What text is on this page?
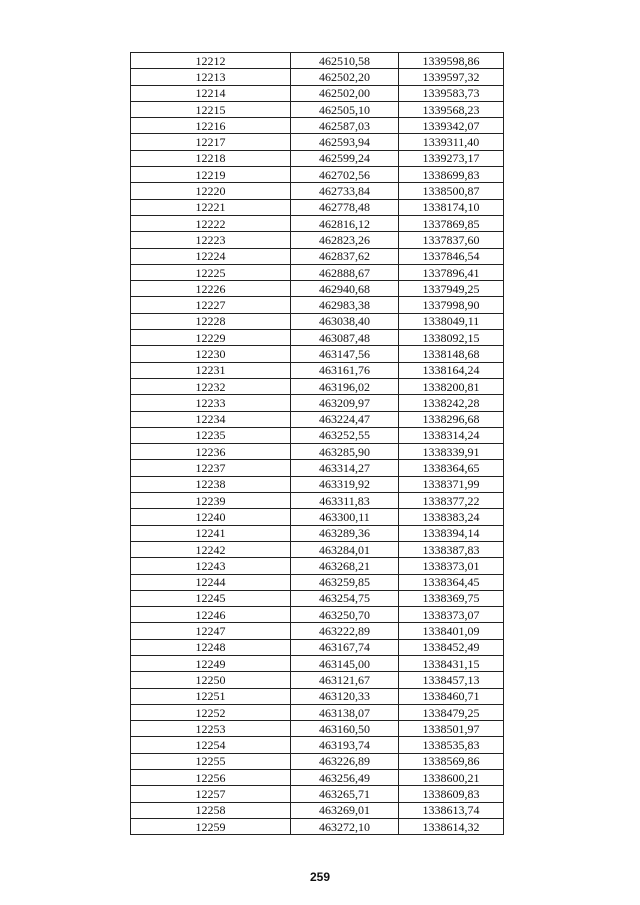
12212	462510,58	1339598,86
12213	462502,20	1339597,32
12214	462502,00	1339583,73
12215	462505,10	1339568,23
12216	462587,03	1339342,07
12217	462593,94	1339311,40
12218	462599,24	1339273,17
12219	462702,56	1338699,83
12220	462733,84	1338500,87
12221	462778,48	1338174,10
12222	462816,12	1337869,85
12223	462823,26	1337837,60
12224	462837,62	1337846,54
12225	462888,67	1337896,41
12226	462940,68	1337949,25
12227	462983,38	1337998,90
12228	463038,40	1338049,11
12229	463087,48	1338092,15
12230	463147,56	1338148,68
12231	463161,76	1338164,24
12232	463196,02	1338200,81
12233	463209,97	1338242,28
12234	463224,47	1338296,68
12235	463252,55	1338314,24
12236	463285,90	1338339,91
12237	463314,27	1338364,65
12238	463319,92	1338371,99
12239	463311,83	1338377,22
12240	463300,11	1338383,24
12241	463289,36	1338394,14
12242	463284,01	1338387,83
12243	463268,21	1338373,01
12244	463259,85	1338364,45
12245	463254,75	1338369,75
12246	463250,70	1338373,07
12247	463222,89	1338401,09
12248	463167,74	1338452,49
12249	463145,00	1338431,15
12250	463121,67	1338457,13
12251	463120,33	1338460,71
12252	463138,07	1338479,25
12253	463160,50	1338501,97
12254	463193,74	1338535,83
12255	463226,89	1338569,86
12256	463256,49	1338600,21
12257	463265,71	1338609,83
12258	463269,01	1338613,74
12259	463272,10	1338614,32
259
